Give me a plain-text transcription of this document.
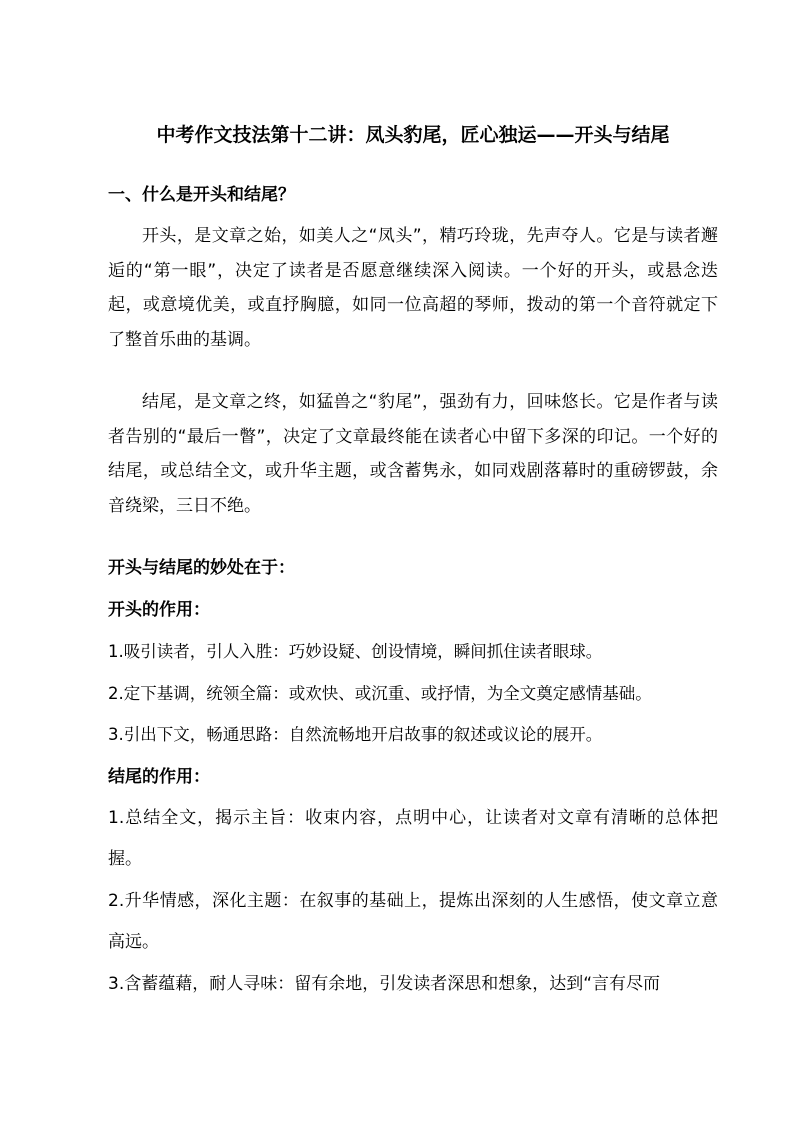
中考作文技法第十二讲：凤头豹尾，匠心独运——开头与结尾
一、什么是开头和结尾？
开头，是文章之始，如美人之“凤头”，精巧玲珑，先声夺人。它是与读者邂逅的“第一眼”，决定了读者是否愿意继续深入阅读。一个好的开头，或悬念迭起，或意境优美，或直抒胸臆，如同一位高超的琴师，拨动的第一个音符就定下了整首乐曲的基调。
结尾，是文章之终，如猛兽之“豹尾”，强劲有力，回味悠长。它是作者与读者告别的“最后一瞥”，决定了文章最终能在读者心中留下多深的印记。一个好的结尾，或总结全文，或升华主题，或含蓄隽永，如同戏剧落幕时的重磅锣鼓，余音绕梁，三日不绝。
开头与结尾的妙处在于：
开头的作用：
1.吸引读者，引人入胜：巧妙设疑、创设情境，瞬间抓住读者眼球。
2.定下基调，统领全篇：或欢快、或沉重、或抒情，为全文奠定感情基础。
3.引出下文，畅通思路：自然流畅地开启故事的叙述或议论的展开。
结尾的作用：
1.总结全文，揭示主旨：收束内容，点明中心，让读者对文章有清晰的总体把握。
2.升华情感，深化主题：在叙事的基础上，提炼出深刻的人生感悟，使文章立意高远。
3.含蓄蕴藉，耐人寻味：留有余地，引发读者深思和想象，达到“言有尽而
